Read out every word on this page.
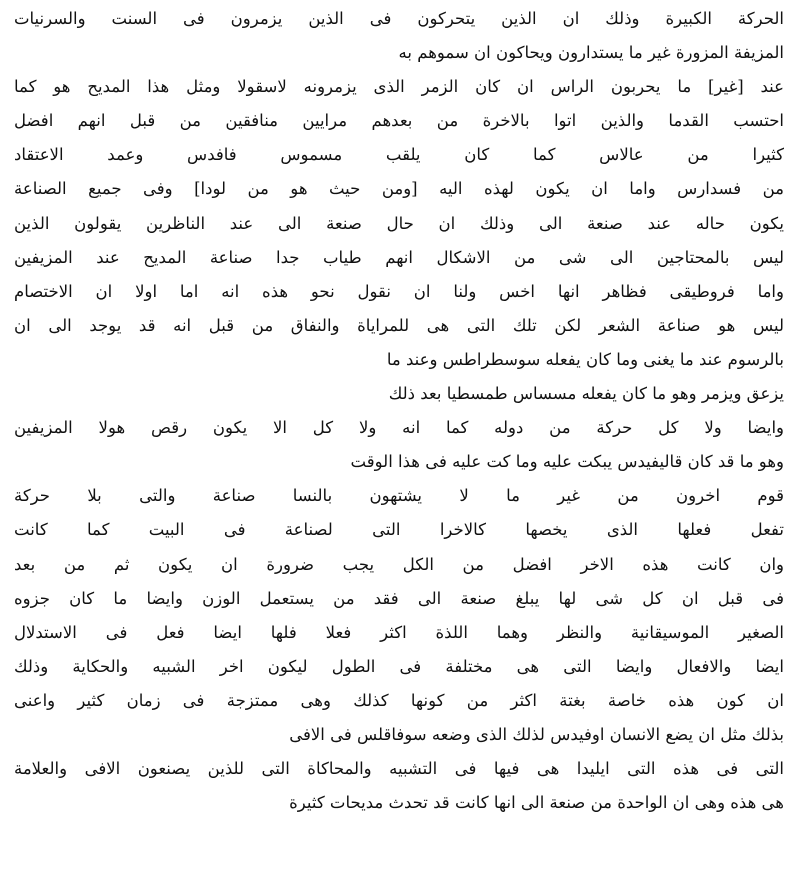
الحركة الكبيرة وذلك ان الذين يتحركون فى الذين يزمرون فى السنت والسرنيات
المزيفة المزورة غير ما يستدارون ويحاكون ان سموهم به
عند [غير] ما يحربون الراس ان كان الزمر الذى يزمرونه لاسقولا ومثل هذا المديح هو كما
احتسب القدما والذين اتوا بالاخرة من بعدهم مرايين منافقين من قبل انهم افضل
كثيرا من عالاس كما كان يلقب مسموس فافدس وعمد الاعتقاد
من فسدارس واما ان يكون لهذه اليه [ومن حيث هو من لودا] وفى جميع الصناعة
يكون حاله عند صنعة الى وذلك ان حال صنعة الى عند الناظرين يقولون الذين
ليس بالمحتاجين الى شى من الاشكال انهم طياب جدا صناعة المديح عند المزيفين
واما فروطيقى فظاهر انها اخس ولنا ان نقول نحو هذه انه اما اولا ان الاختصام
ليس هو صناعة الشعر لكن تلك التى هى للمراياة والنفاق من قبل انه قد يوجد الى ان
بالرسوم عند ما يغنى وما كان يفعله سوسطراطس وعند ما
يزعق ويزمر وهو ما كان يفعله مسساس طمسطيا بعد ذلك
وايضا ولا كل حركة من دوله كما انه ولا كل الا يكون رقص هولا المزيفين
وهو ما قد كان قاليفيدس يبكت عليه وما كت عليه فى هذا الوقت
قوم اخرون من غير ما لا يشتهون بالنسا صناعة والتى بلا حركة
تفعل فعلها الذى يخصها كالاخرا التى لصناعة فى البيت كما كانت
وان كانت هذه الاخر افضل من الكل يجب ضرورة ان يكون ثم من بعد
فى قبل ان كل شى لها يبلغ صنعة الى فقد من يستعمل الوزن وايضا ما كان جزوه
الصغير الموسيقانية والنظر وهما اللذة اكثر فعلا فلها ايضا فعل فى الاستدلال
ايضا والافعال وايضا التى هى مختلفة فى الطول ليكون اخر الشبيه والحكاية وذلك
ان كون هذه خاصة بغتة اكثر من كونها كذلك وهى ممتزجة فى زمان كثير واعنى
بذلك مثل ان يضع الانسان اوفيدس لذلك الذى وضعه سوفاقلس فى الافى
التى فى هذه التى ايليدا هى فيها فى التشبيه والمحاكاة التى للذين يصنعون الافى والعلامة
هى هذه وهى ان الواحدة من صنعة الى انها كانت قد تحدث مديحات كثيرة
